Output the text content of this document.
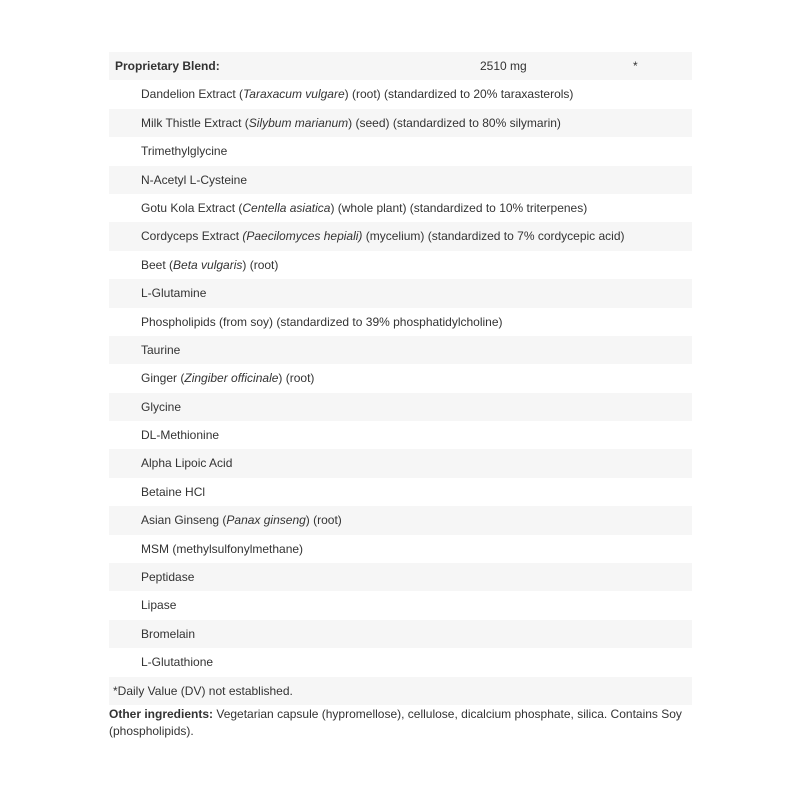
Proprietary Blend:	2510 mg	*
Dandelion Extract (Taraxacum vulgare) (root) (standardized to 20% taraxasterols)
Milk Thistle Extract (Silybum marianum) (seed) (standardized to 80% silymarin)
Trimethylglycine
N-Acetyl L-Cysteine
Gotu Kola Extract (Centella asiatica) (whole plant) (standardized to 10% triterpenes)
Cordyceps Extract (Paecilomyces hepiali) (mycelium) (standardized to 7% cordycepic acid)
Beet (Beta vulgaris) (root)
L-Glutamine
Phospholipids (from soy) (standardized to 39% phosphatidylcholine)
Taurine
Ginger (Zingiber officinale) (root)
Glycine
DL-Methionine
Alpha Lipoic Acid
Betaine HCl
Asian Ginseng (Panax ginseng) (root)
MSM (methylsulfonylmethane)
Peptidase
Lipase
Bromelain
L-Glutathione
*Daily Value (DV) not established.
Other ingredients: Vegetarian capsule (hypromellose), cellulose, dicalcium phosphate, silica. Contains Soy (phospholipids).
